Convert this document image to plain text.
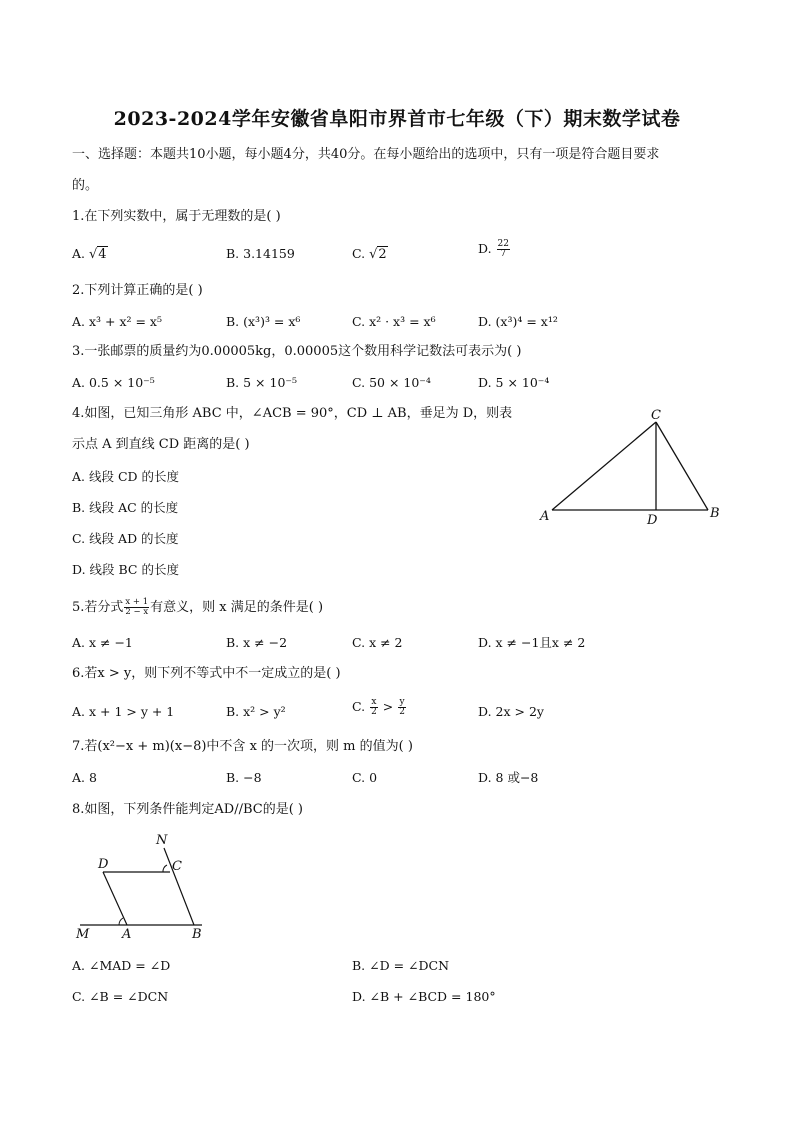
2023-2024学年安徽省阜阳市界首市七年级（下）期末数学试卷
一、选择题：本题共10小题，每小题4分，共40分。在每小题给出的选项中，只有一项是符合题目要求
的。
1.在下列实数中，属于无理数的是( )
A. √4	B. 3.14159	C. √2	D. $\frac{22}{7}$
2.下列计算正确的是( )
A. x³ + x² = x⁵	B. (x³)³ = x⁶	C. x² · x³ = x⁶	D. (x³)⁴ = x¹²
3.一张邮票的质量约为0.00005kg，0.00005这个数用科学记数法可表示为( )
A. 0.5 × 10⁻⁵	B. 5 × 10⁻⁵	C. 50 × 10⁻⁴	D. 5 × 10⁻⁴
4.如图，已知三角形 ABC 中，∠ACB = 90°，CD ⊥ AB，垂足为 D，则表
示点 A 到直线 CD 距离的是( )
A. 线段 CD 的长度
B. 线段 AC 的长度
C. 线段 AD 的长度
D. 线段 BC 的长度
C
A	D	B
5.若分式 $\frac{x + 1}{2 - x}$ 有意义，则 x 满足的条件是( )
A. x ≠ −1	B. x ≠ −2	C. x ≠ 2	D. x ≠ −1且x ≠ 2
6.若x > y，则下列不等式中不一定成立的是( )
A. x + 1 > y + 1	B. x² > y²	C. $\frac{x}{2} > \frac{y}{2}$	D. 2x > 2y
7.若(x²−x + m)(x−8)中不含 x 的一次项，则 m 的值为( )
A. 8	B. −8	C. 0	D. 8 或−8
8.如图，下列条件能判定AD//BC的是( )
N
D	C
M	A	B
A. ∠MAD = ∠D	B. ∠D = ∠DCN
C. ∠B = ∠DCN	D. ∠B + ∠BCD = 180°
